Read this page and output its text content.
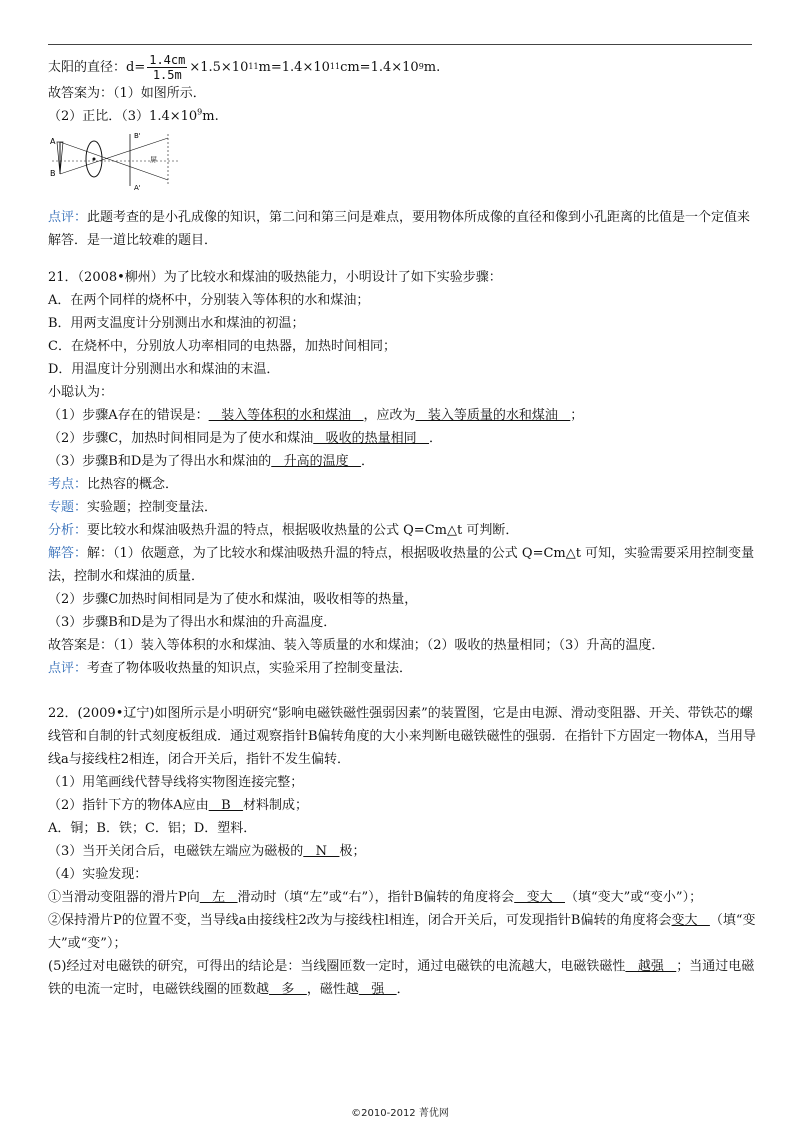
太阳的直径：$d= \frac{1.4cm}{1.5m} \times 1.5\times 10$ 11 m=1.4×10 11 cm=1.4×10 9 m.
故答案为：（1）如图所示．
（2）正比．$(3)1.4\times 10^9m$.
A
B
B'
A'
屏
点评：此题考查的是小孔成像的知识，第二问和第三问是难点，要用物体所成像的直径和像到小孔距离的比值是一个定值来解答．是一道比较难的题目．
21．（2008•柳州）为了比较水和煤油的吸热能力，小明设计了如下实验步骤：
A．在两个同样的烧杯中，分别装入等体积的水和煤油；
B．用两支温度计分别测出水和煤油的初温；
C．在烧杯中，分别放人功率相同的电热器，加热时间相同；
D．用温度计分别测出水和煤油的末温．
小聪认为：
（1）步骤A存在的错误是：   装入等体积的水和煤油   ，应改为   装入等质量的水和煤油   ；
（2）步骤C，加热时间相同是为了使水和煤油   吸收的热量相同   ．
（3）步骤B和D是为了得出水和煤油的   升高的温度   ．
考点：比热容的概念．
专题：实验题；控制变量法．
分析：要比较水和煤油吸热升温的特点，根据吸收热量的公式 Q=Cm△t 可判断．
解答：解：（1）依题意，为了比较水和煤油吸热升温的特点，根据吸收热量的公式 Q=Cm△t 可知，实验需要采用控制变量法，控制水和煤油的质量．
（2）步骤C加热时间相同是为了使水和煤油，吸收相等的热量，
（3）步骤B和D是为了得出水和煤油的升高温度．
故答案是：（1）装入等体积的水和煤油、装入等质量的水和煤油；（2）吸收的热量相同；（3）升高的温度．
点评：考查了物体吸收热量的知识点，实验采用了控制变量法．
22．(2009•辽宁)如图所示是小明研究“影响电磁铁磁性强弱因素”的装置图，它是由电源、滑动变阻器、开关、带铁芯的螺线管和自制的针式刻度板组成．通过观察指针B偏转角度的大小来判断电磁铁磁性的强弱．在指针下方固定一物体A，当用导线a与接线柱2相连，闭合开关后，指针不发生偏转．
（1）用笔画线代替导线将实物图连接完整；
（2）指针下方的物体A应由   B   材料制成；
A．铜；B．铁；C．铝；D．塑料．
（3）当开关闭合后，电磁铁左端应为磁极的   N   极；
（4）实验发现：
①当滑动变阻器的滑片P向   左   滑动时（填“左”或“右”），指针B偏转的角度将会   变大   （填“变大”或“变小”）；
②保持滑片P的位置不变，当导线a由接线柱2改为与接线柱l相连，闭合开关后，可发现指针B偏转的角度将会变大   （填“变大”或“变”）；
(5)经过对电磁铁的研究，可得出的结论是：当线圈匝数一定时，通过电磁铁的电流越大，电磁铁磁性   越强   ；当通过电磁铁的电流一定时，电磁铁线圈的匝数越   多   ，磁性越   强   ．
©2010-2012 菁优网
